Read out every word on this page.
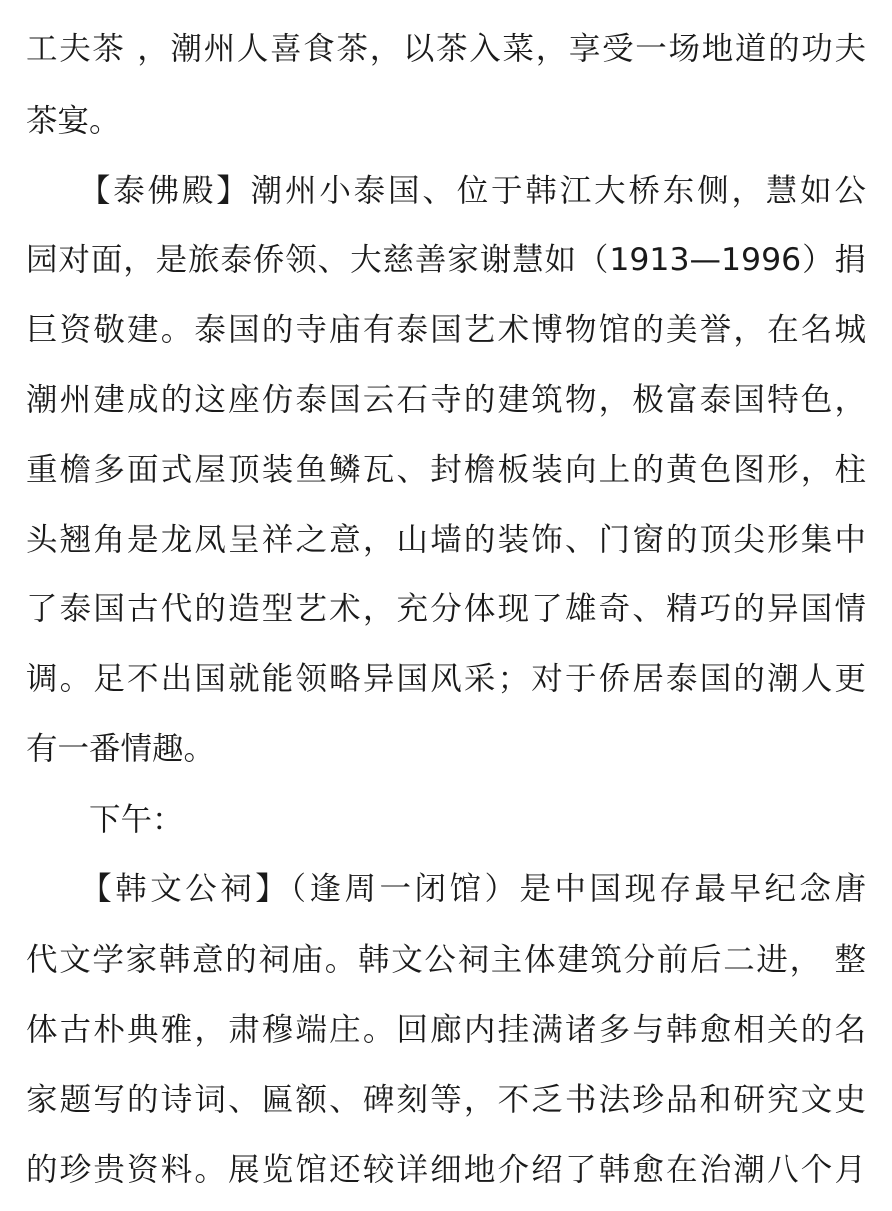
工夫茶 ，潮州人喜食茶，以茶入菜，享受一场地道的功夫
茶宴。
　　【泰佛殿】潮州小泰国、位于韩江大桥东侧，慧如公
园对面，是旅泰侨领、大慈善家谢慧如（1913—1996）捐
巨资敬建。泰国的寺庙有泰国艺术博物馆的美誉，在名城
潮州建成的这座仿泰国云石寺的建筑物，极富泰国特色，
重檐多面式屋顶装鱼鳞瓦、封檐板装向上的黄色图形，柱
头翘角是龙凤呈祥之意，山墙的装饰、门窗的顶尖形集中
了泰国古代的造型艺术，充分体现了雄奇、精巧的异国情
调。足不出国就能领略异国风采；对于侨居泰国的潮人更
有一番情趣。
　　下午：
　　【韩文公祠】（逢周一闭馆）是中国现存最早纪念唐
代文学家韩意的祠庙。韩文公祠主体建筑分前后二进， 整
体古朴典雅，肃穆端庄。回廊内挂满诸多与韩愈相关的名
家题写的诗词、匾额、碑刻等，不乏书法珍品和研究文史
的珍贵资料。展览馆还较详细地介绍了韩愈在治潮八个月
